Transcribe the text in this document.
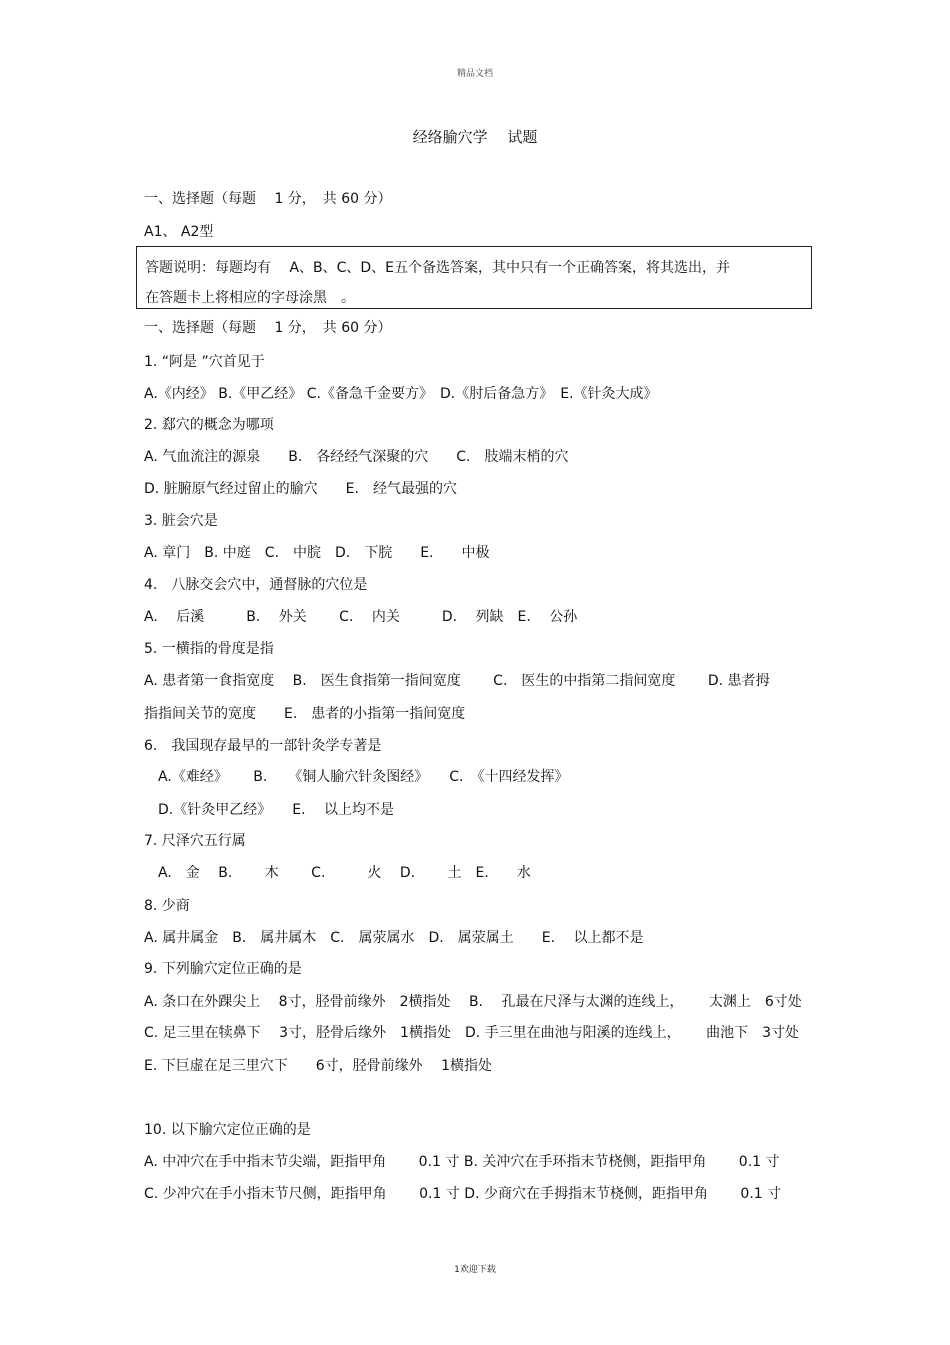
精品文档
经络腧穴学　 试题
一、选择题（每题　 1 分，　共 60 分）
A1、 A2型
答题说明：每题均有　 A、B、C、D、E五个备选答案，其中只有一个正确答案，将其选出，并
在答题卡上将相应的字母涂黑　。
一、选择题（每题　 1 分，　共 60 分）
1. “阿是 ”穴首见于
A.《内经》 B.《甲乙经》 C.《备急千金要方》　D.《肘后备急方》　E.《针灸大成》
2. 郄穴的概念为哪项
A. 气血流注的源泉　　B.　各经经气深聚的穴　　C.　肢端末梢的穴
D. 脏腑原气经过留止的腧穴　　E.　经气最强的穴
3. 脏会穴是
A. 章门　B. 中庭　C.　中脘　D.　下脘　　E.　　中极
4.　八脉交会穴中，通督脉的穴位是
A.　 后溪　　　B.　 外关　　 C.　 内关　　　D.　 列缺　E.　 公孙
5. 一横指的骨度是指
A. 患者第一食指宽度　 B.　医生食指第一指间宽度　　 C.　医生的中指第二指间宽度　　 D. 患者拇
指指间关节的宽度　　E.　患者的小指第一指间宽度
6.　我国现存最早的一部针灸学专著是
　A.《难经》　　 B.　　《铜人腧穴针灸图经》　　C.　《十四经发挥》
　D.《针灸甲乙经》　　E.　 以上均不是
7. 尺泽穴五行属
　A.　金　 B.　　 木　　 C.　　　火　 D.　　 土　E.　　水
8. 少商
A. 属井属金　B.　属井属木　C.　属荥属水　D.　属荥属土　　E.　 以上都不是
9. 下列腧穴定位正确的是
A. 条口在外踝尖上　 8寸，胫骨前缘外　2横指处　 B.　 孔最在尺泽与太渊的连线上，　　 太渊上　6寸处
C. 足三里在犊鼻下　 3寸，胫骨后缘外　1横指处　D. 手三里在曲池与阳溪的连线上，　　 曲池下　3寸处
E. 下巨虚在足三里穴下　　6寸，胫骨前缘外　 1横指处
10. 以下腧穴定位正确的是
A. 中冲穴在手中指末节尖端，距指甲角　　 0.1 寸 B. 关冲穴在手环指末节桡侧，距指甲角　　 0.1 寸
C. 少冲穴在手小指末节尺侧，距指甲角　　 0.1 寸 D. 少商穴在手拇指末节桡侧，距指甲角　　 0.1 寸
1欢迎下载
